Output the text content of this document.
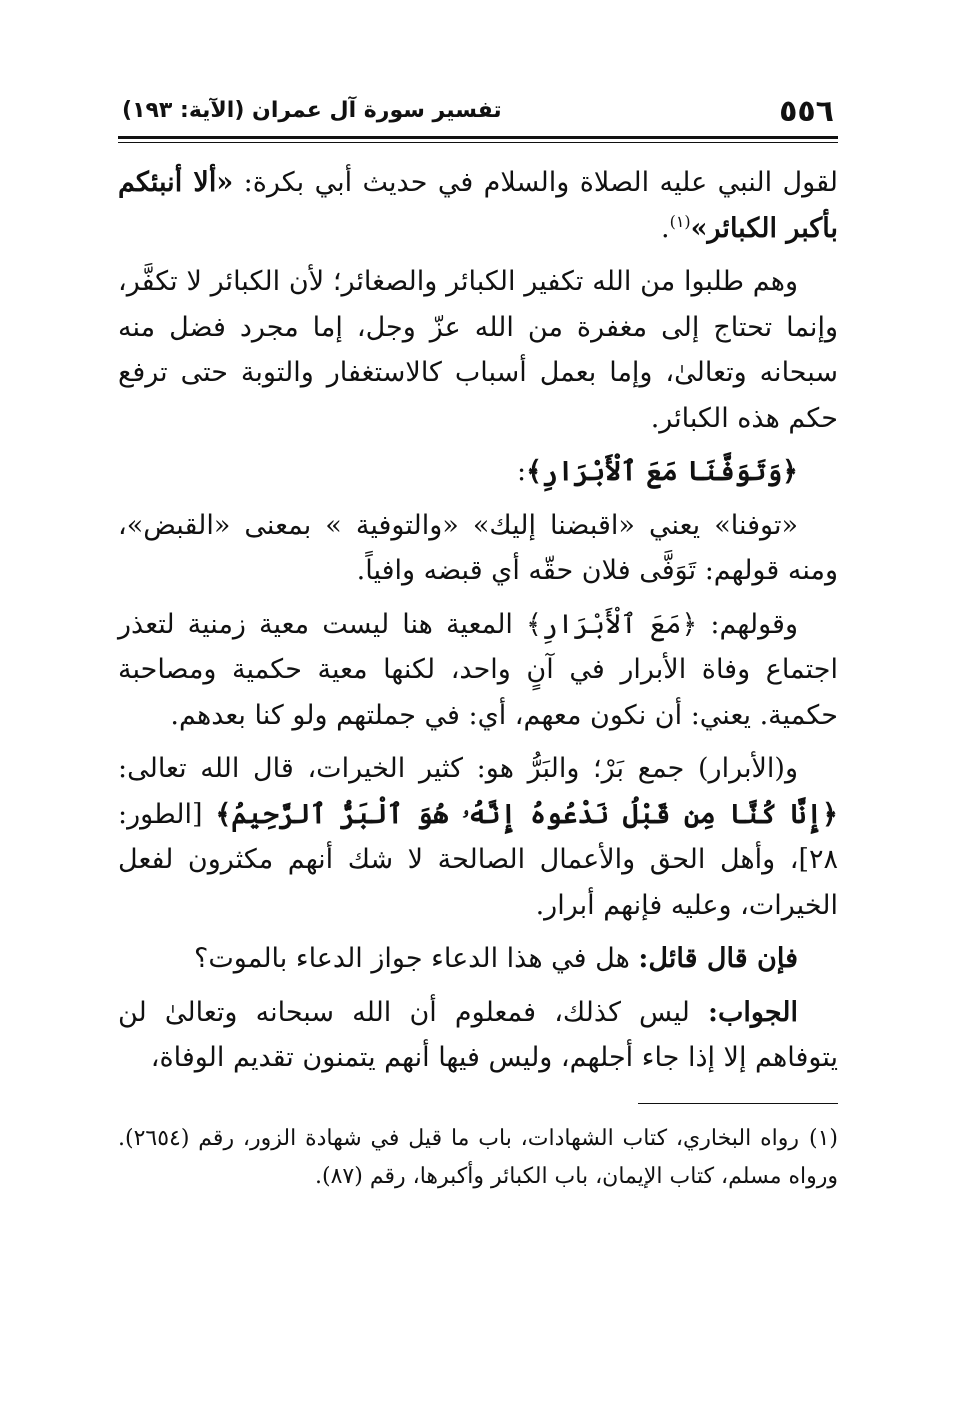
٥٥٦
تفسير سورة آل عمران (الآية: ١٩٣)

لقول النبي عليه الصلاة والسلام في حديث أبي بكرة: «ألا أنبئكم بأكبر الكبائر»$^{(١)}$.

وهم طلبوا من الله تكفير الكبائر والصغائر؛ لأن الكبائر لا تكفَّر، وإنما تحتاج إلى مغفرة من الله عزّ وجل، إما مجرد فضل منه سبحانه وتعالىٰ، وإما بعمل أسباب كالاستغفار والتوبة حتى ترفع حكم هذه الكبائر.

﴿وَتَوَفَّنَا مَعَ ٱلْأَبْرَارِ﴾:

«توفنا» يعني «اقبضنا إليك» «والتوفية » بمعنى «القبض»، ومنه قولهم: تَوَفَّى فلان حقّه أي قبضه وافياً.

وقولهم: ﴿مَعَ ٱلْأَبْرَارِ﴾ المعية هنا ليست معية زمنية لتعذر اجتماع وفاة الأبرار في آنٍ واحد، لكنها معية حكمية ومصاحبة حكمية. يعني: أن نكون معهم، أي: في جملتهم ولو كنا بعدهم.

و(الأبرار) جمع بَرْ؛ والبَرُّ هو: كثير الخيرات، قال الله تعالى: ﴿إِنَّا كُنَّا مِن قَبْلُ نَدْعُوهُ إِنَّهُۥ هُوَ ٱلْبَرُّ ٱلرَّحِيمُ﴾ [الطور: ٢٨]، وأهل الحق والأعمال الصالحة لا شك أنهم مكثرون لفعل الخيرات، وعليه فإنهم أبرار.

فإن قال قائل: هل في هذا الدعاء جواز الدعاء بالموت؟

الجواب: ليس كذلك، فمعلوم أن الله سبحانه وتعالىٰ لن يتوفاهم إلا إذا جاء أجلهم، وليس فيها أنهم يتمنون تقديم الوفاة،

(١)رواه البخاري، كتاب الشهادات، باب ما قيل في شهادة الزور، رقم (٢٦٥٤). ورواه مسلم، كتاب الإيمان، باب الكبائر وأكبرها، رقم (٨٧).
